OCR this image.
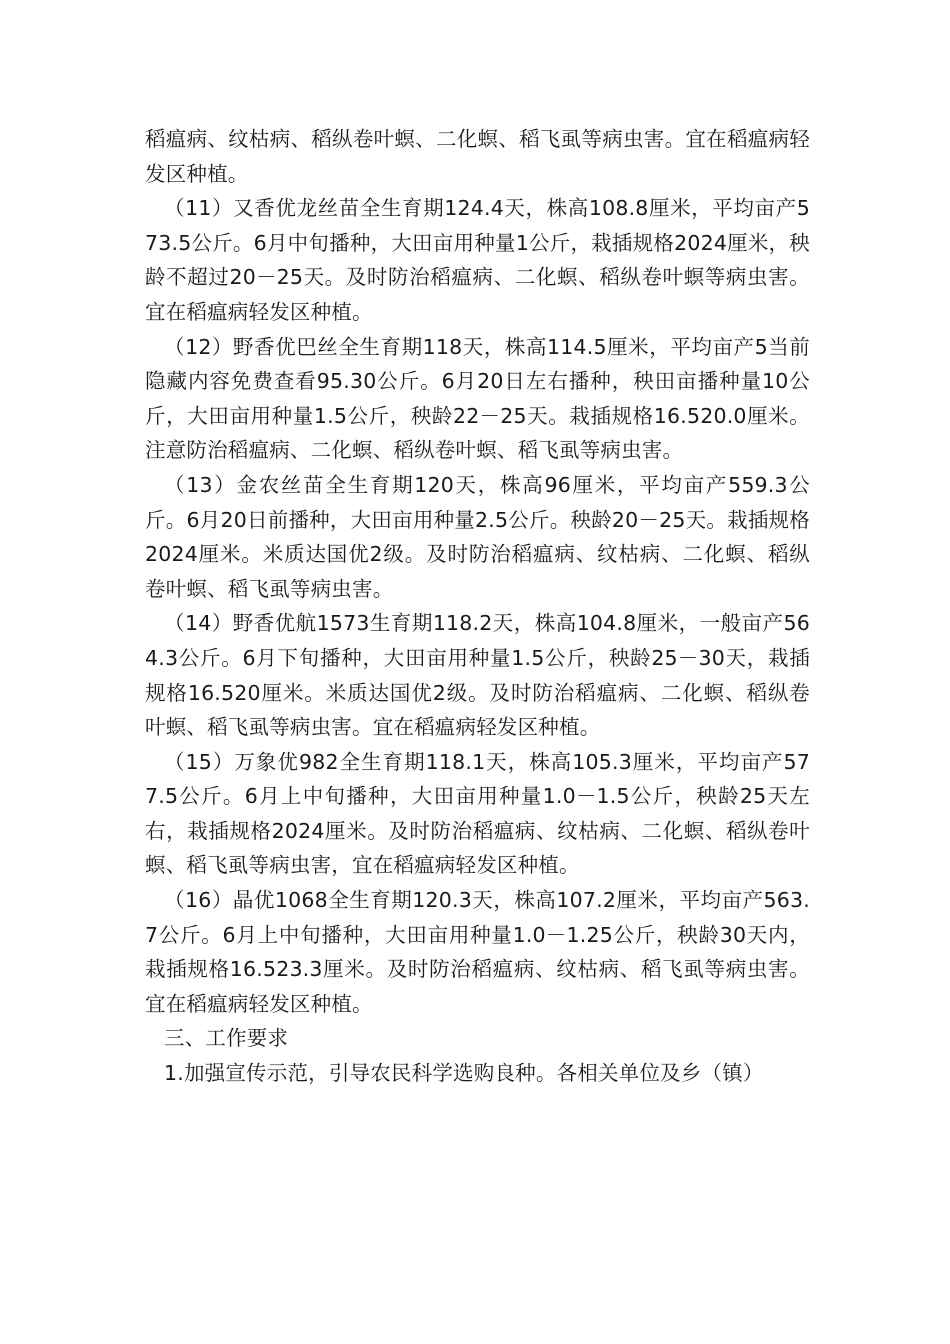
稻瘟病、纹枯病、稻纵卷叶螟、二化螟、稻飞虱等病虫害。宜在稻瘟病轻发区种植。

（11）又香优龙丝苗全生育期124.4天，株高108.8厘米，平均亩产573.5公斤。6月中旬播种，大田亩用种量1公斤，栽插规格2024厘米，秧龄不超过20－25天。及时防治稻瘟病、二化螟、稻纵卷叶螟等病虫害。宜在稻瘟病轻发区种植。

（12）野香优巴丝全生育期118天，株高114.5厘米，平均亩产5当前隐藏内容免费查看95.30公斤。6月20日左右播种，秧田亩播种量10公斤，大田亩用种量1.5公斤，秧龄22－25天。栽插规格16.520.0厘米。注意防治稻瘟病、二化螟、稻纵卷叶螟、稻飞虱等病虫害。

（13）金农丝苗全生育期120天，株高96厘米，平均亩产559.3公斤。6月20日前播种，大田亩用种量2.5公斤。秧龄20－25天。栽插规格2024厘米。米质达国优2级。及时防治稻瘟病、纹枯病、二化螟、稻纵卷叶螟、稻飞虱等病虫害。

（14）野香优航1573生育期118.2天，株高104.8厘米，一般亩产564.3公斤。6月下旬播种，大田亩用种量1.5公斤，秧龄25－30天，栽插规格16.520厘米。米质达国优2级。及时防治稻瘟病、二化螟、稻纵卷叶螟、稻飞虱等病虫害。宜在稻瘟病轻发区种植。

（15）万象优982全生育期118.1天，株高105.3厘米，平均亩产577.5公斤。6月上中旬播种，大田亩用种量1.0－1.5公斤，秧龄25天左右，栽插规格2024厘米。及时防治稻瘟病、纹枯病、二化螟、稻纵卷叶螟、稻飞虱等病虫害，宜在稻瘟病轻发区种植。

（16）晶优1068全生育期120.3天，株高107.2厘米，平均亩产563.7公斤。6月上中旬播种，大田亩用种量1.0－1.25公斤，秧龄30天内，栽插规格16.523.3厘米。及时防治稻瘟病、纹枯病、稻飞虱等病虫害。宜在稻瘟病轻发区种植。

三、工作要求

1.加强宣传示范，引导农民科学选购良种。各相关单位及乡（镇）
